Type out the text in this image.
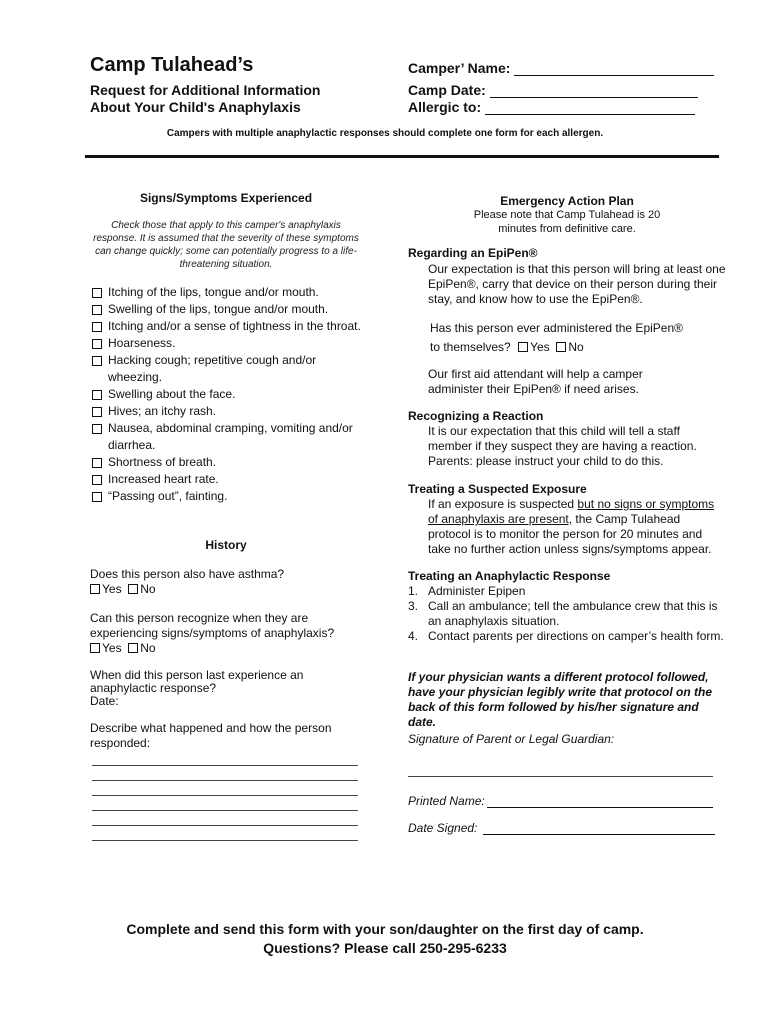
Camp Tulahead’s
Request for Additional Information
About Your Child's Anaphylaxis
Camper’ Name:
Camp Date:
Allergic to:
Campers with multiple anaphylactic responses should complete one form for each allergen.
Signs/Symptoms Experienced
Check those that apply to this camper's anaphylaxis response. It is assumed that the severity of these symptoms can change quickly; some can potentially progress to a life-threatening situation.
Itching of the lips, tongue and/or mouth.
Swelling of the lips, tongue and/or mouth.
Itching and/or a sense of tightness in the throat.
Hoarseness.
Hacking cough; repetitive cough and/or wheezing.
Swelling about the face.
Hives; an itchy rash.
Nausea, abdominal cramping, vomiting and/or diarrhea.
Shortness of breath.
Increased heart rate.
“Passing out”, fainting.
History
Does this person also have asthma?
Yes No
Can this person recognize when they are experiencing signs/symptoms of anaphylaxis?
Yes No
When did this person last experience an anaphylactic response?
Date:
Describe what happened and how the person responded:
Emergency Action Plan
Please note that Camp Tulahead is 20 minutes from definitive care.
Regarding an EpiPen®
Our expectation is that this person will bring at least one EpiPen®, carry that device on their person during their stay, and know how to use the EpiPen®.
Has this person ever administered the EpiPen®
to themselves? Yes No
Our first aid attendant will help a camper administer their EpiPen® if need arises.
Recognizing a Reaction
It is our expectation that this child will tell a staff member if they suspect they are having a reaction. Parents: please instruct your child to do this.
Treating a Suspected Exposure
If an exposure is suspected but no signs or symptoms of anaphylaxis are present, the Camp Tulahead protocol is to monitor the person for 20 minutes and take no further action unless signs/symptoms appear.
Treating an Anaphylactic Response
1. Administer Epipen
3. Call an ambulance; tell the ambulance crew that this is an anaphylaxis situation.
4. Contact parents per directions on camper’s health form.
If your physician wants a different protocol followed, have your physician legibly write that protocol on the back of this form followed by his/her signature and date.
Signature of Parent or Legal Guardian:
Printed Name:
Date Signed:
Complete and send this form with your son/daughter on the first day of camp.
Questions? Please call 250-295-6233
